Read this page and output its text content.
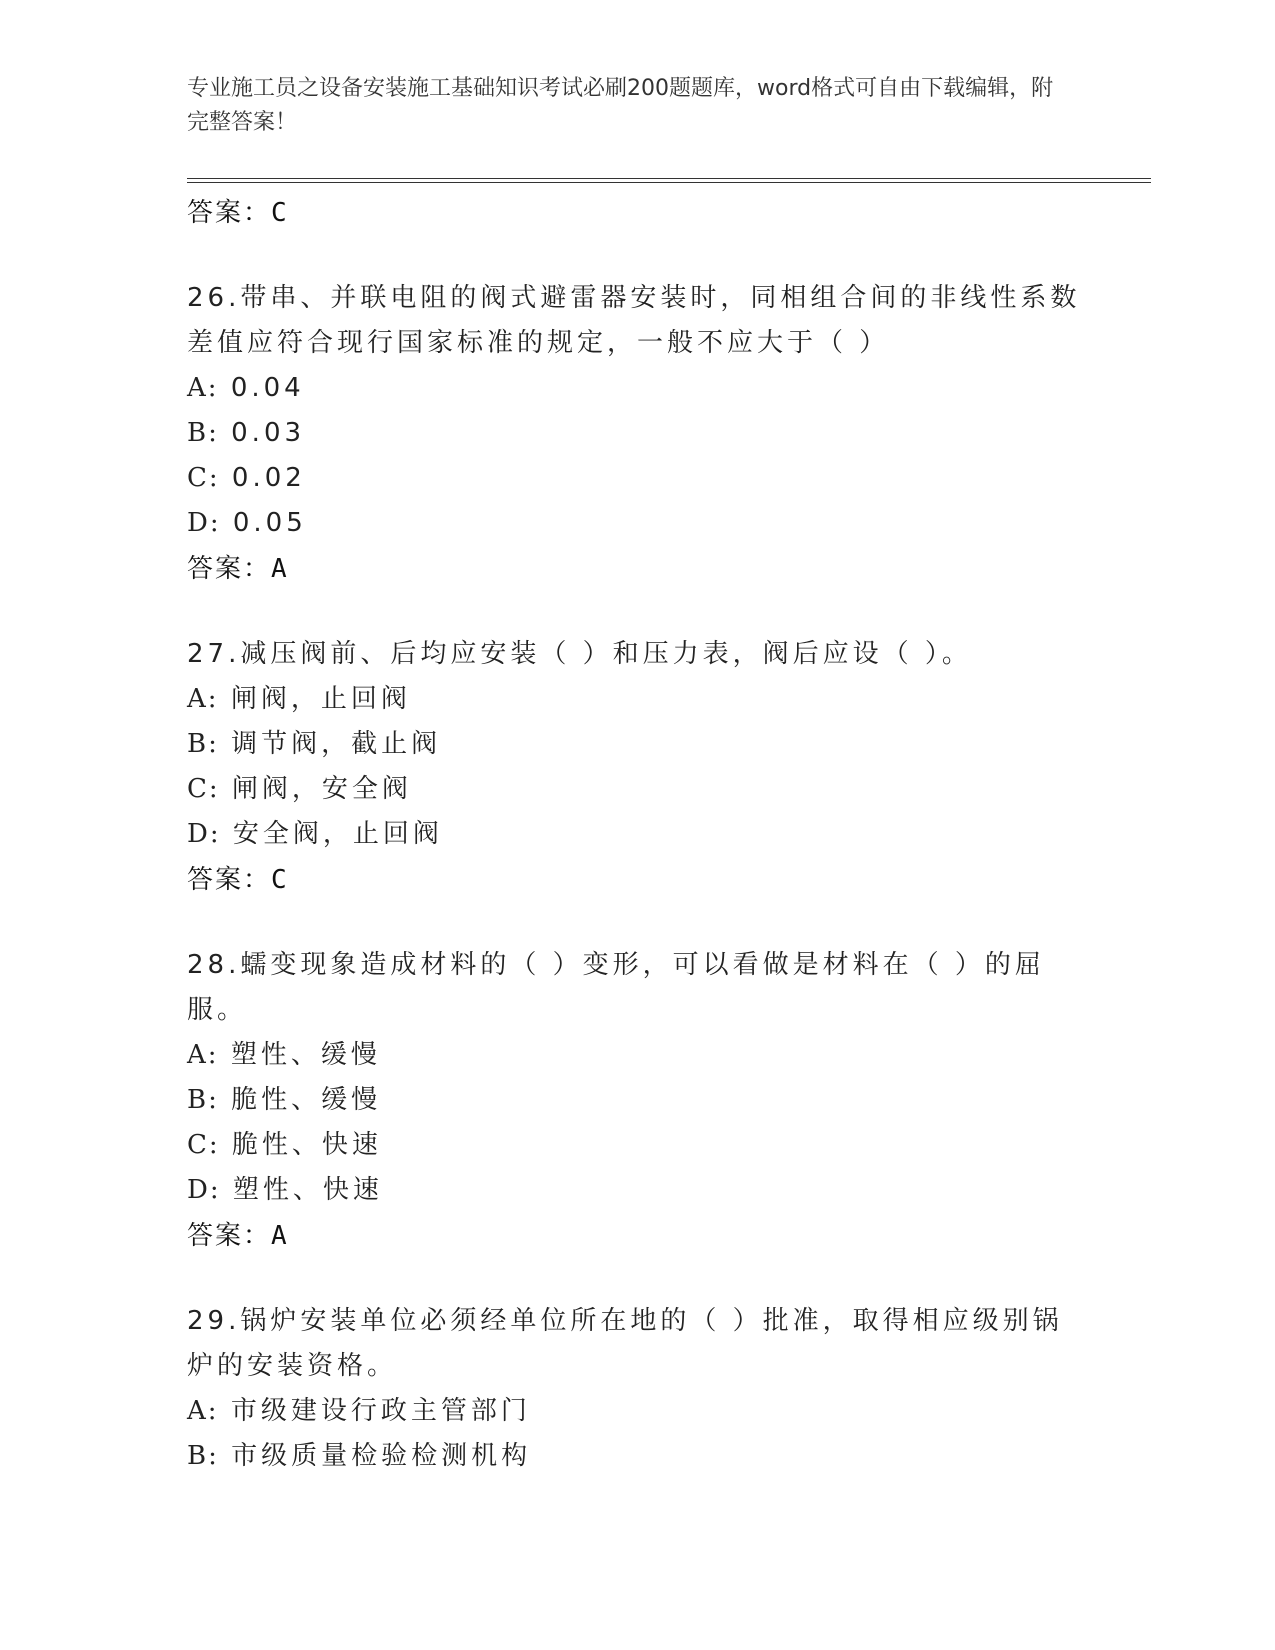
专业施工员之设备安装施工基础知识考试必刷200题题库，word格式可自由下载编辑，附完整答案！
答案：C
26.带串、并联电阻的阀式避雷器安装时，同相组合间的非线性系数差值应符合现行国家标准的规定，一般不应大于（ ）
A: 0.04
B: 0.03
C: 0.02
D: 0.05
答案：A
27.减压阀前、后均应安装（ ）和压力表，阀后应设（ ）。
A: 闸阀，止回阀
B: 调节阀，截止阀
C: 闸阀，安全阀
D: 安全阀，止回阀
答案：C
28.蠕变现象造成材料的（ ）变形，可以看做是材料在（ ）的屈服。
A: 塑性、缓慢
B: 脆性、缓慢
C: 脆性、快速
D: 塑性、快速
答案：A
29.锅炉安装单位必须经单位所在地的（ ）批准，取得相应级别锅炉的安装资格。
A: 市级建设行政主管部门
B: 市级质量检验检测机构
